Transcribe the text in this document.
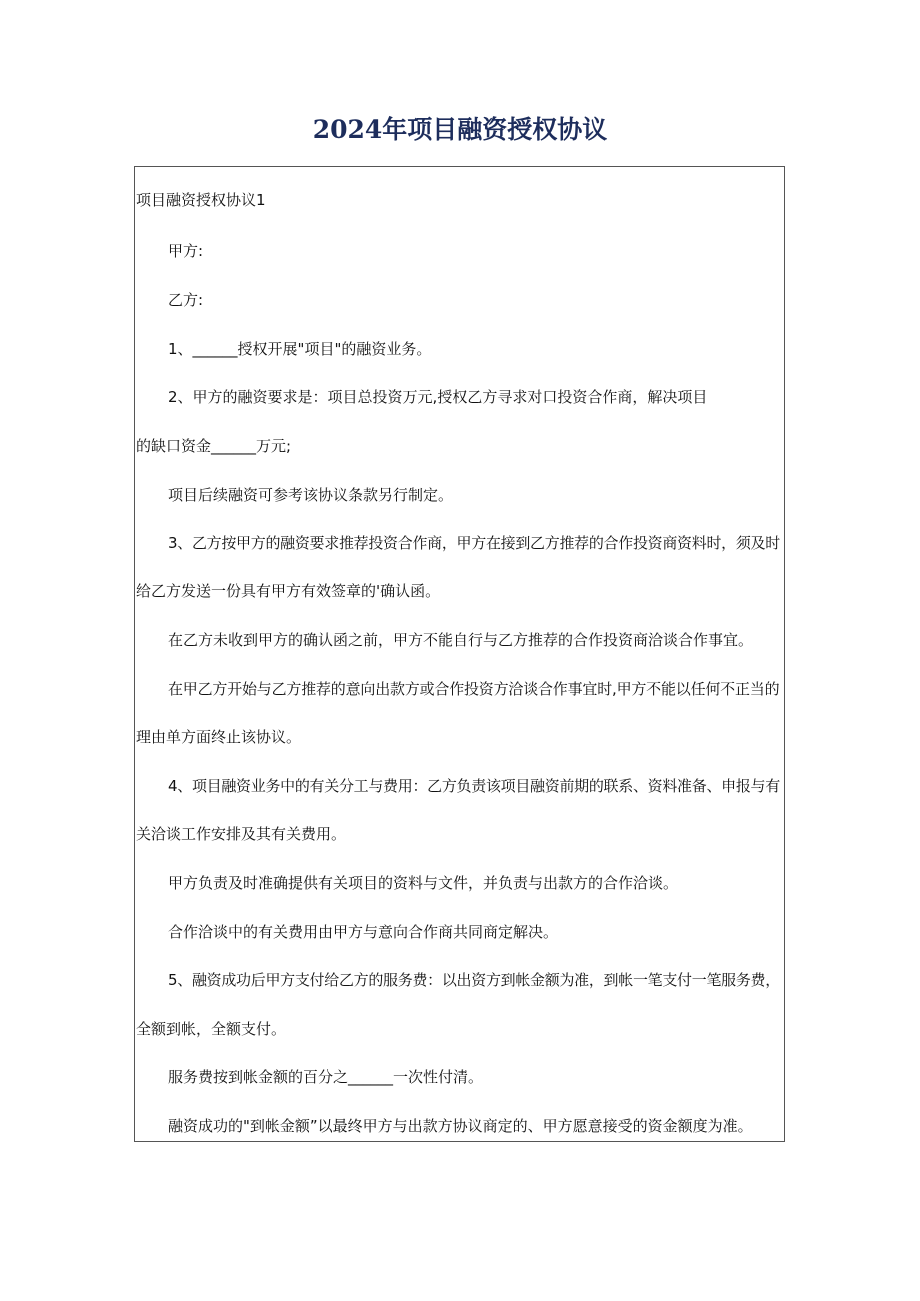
2024年项目融资授权协议
项目融资授权协议1
甲方:
乙方:
1、______授权开展"项目"的融资业务。
2、甲方的融资要求是：项目总投资万元,授权乙方寻求对口投资合作商，解决项目
的缺口资金______万元;
项目后续融资可参考该协议条款另行制定。
3、乙方按甲方的融资要求推荐投资合作商，甲方在接到乙方推荐的合作投资商资料时，须及时
给乙方发送一份具有甲方有效签章的'确认函。
在乙方未收到甲方的确认函之前，甲方不能自行与乙方推荐的合作投资商洽谈合作事宜。
在甲乙方开始与乙方推荐的意向出款方或合作投资方洽谈合作事宜时,甲方不能以任何不正当的
理由单方面终止该协议。
4、项目融资业务中的有关分工与费用：乙方负责该项目融资前期的联系、资料准备、申报与有
关洽谈工作安排及其有关费用。
甲方负责及时准确提供有关项目的资料与文件，并负责与出款方的合作洽谈。
合作洽谈中的有关费用由甲方与意向合作商共同商定解决。
5、融资成功后甲方支付给乙方的服务费：以出资方到帐金额为准，到帐一笔支付一笔服务费，
全额到帐，全额支付。
服务费按到帐金额的百分之______一次性付清。
融资成功的"到帐金额”以最终甲方与出款方协议商定的、甲方愿意接受的资金额度为准。
